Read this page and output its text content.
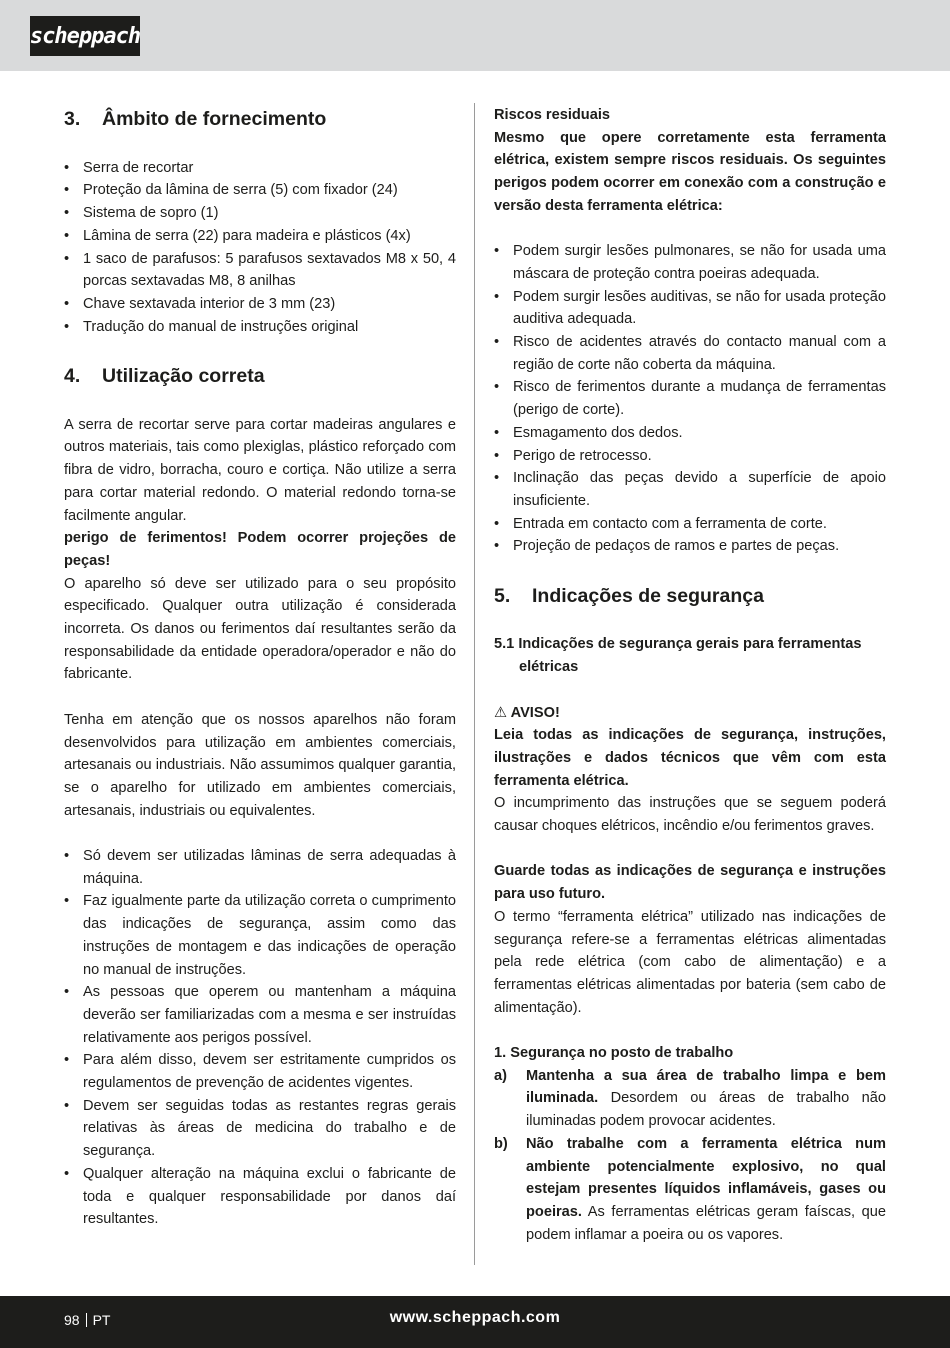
scheppach
3. Âmbito de fornecimento
• Serra de recortar
• Proteção da lâmina de serra (5) com fixador (24)
• Sistema de sopro (1)
• Lâmina de serra (22) para madeira e plásticos (4x)
• 1 saco de parafusos: 5 parafusos sextavados M8 x 50, 4 porcas sextavadas M8, 8 anilhas
• Chave sextavada interior de 3 mm (23)
• Tradução do manual de instruções original
4. Utilização correta

A serra de recortar serve para cortar madeiras angulares e outros materiais, tais como plexiglas, plástico reforçado com fibra de vidro, borracha, couro e cortiça. Não utilize a serra para cortar material redondo. O material redondo torna-se facilmente angular.

perigo de ferimentos! Podem ocorrer projeções de peças!

O aparelho só deve ser utilizado para o seu propósito especificado. Qualquer outra utilização é considerada incorreta. Os danos ou ferimentos daí resultantes serão da responsabilidade da entidade operadora/operador e não do fabricante.

Tenha em atenção que os nossos aparelhos não foram desenvolvidos para utilização em ambientes comerciais, artesanais ou industriais. Não assumimos qualquer garantia, se o aparelho for utilizado em ambientes comerciais, artesanais, industriais ou equivalentes.

• Só devem ser utilizadas lâminas de serra adequadas à máquina.
• Faz igualmente parte da utilização correta o cumprimento das indicações de segurança, assim como das instruções de montagem e das indicações de operação no manual de instruções.
• As pessoas que operem ou mantenham a máquina deverão ser familiarizadas com a mesma e ser instruídas relativamente aos perigos possível.
• Para além disso, devem ser estritamente cumpridos os regulamentos de prevenção de acidentes vigentes.
• Devem ser seguidas todas as restantes regras gerais relativas às áreas de medicina do trabalho e de segurança.
• Qualquer alteração na máquina exclui o fabricante de toda e qualquer responsabilidade por danos daí resultantes.

Riscos residuais

Mesmo que opere corretamente esta ferramenta elétrica, existem sempre riscos residuais. Os seguintes perigos podem ocorrer em conexão com a construção e versão desta ferramenta elétrica:

• Podem surgir lesões pulmonares, se não for usada uma máscara de proteção contra poeiras adequada.
• Podem surgir lesões auditivas, se não for usada proteção auditiva adequada.
• Risco de acidentes através do contacto manual com a região de corte não coberta da máquina.
• Risco de ferimentos durante a mudança de ferramentas (perigo de corte).
• Esmagamento dos dedos.
• Perigo de retrocesso.
• Inclinação das peças devido a superfície de apoio insuficiente.
• Entrada em contacto com a ferramenta de corte.
• Projeção de pedaços de ramos e partes de peças.
5. Indicações de segurança

5.1 Indicações de segurança gerais para ferramentas elétricas

⚠ AVISO!

Leia todas as indicações de segurança, instruções, ilustrações e dados técnicos que vêm com esta ferramenta elétrica.

O incumprimento das instruções que se seguem poderá causar choques elétricos, incêndio e/ou ferimentos graves.

Guarde todas as indicações de segurança e instruções para uso futuro.

O termo “ferramenta elétrica” utilizado nas indicações de segurança refere-se a ferramentas elétricas alimentadas pela rede elétrica (com cabo de alimentação) e a ferramentas elétricas alimentadas por bateria (sem cabo de alimentação).

1. Segurança no posto de trabalho

a) Mantenha a sua área de trabalho limpa e bem iluminada. Desordem ou áreas de trabalho não iluminadas podem provocar acidentes.
b) Não trabalhe com a ferramenta elétrica num ambiente potencialmente explosivo, no qual estejam presentes líquidos inflamáveis, gases ou poeiras. As ferramentas elétricas geram faíscas, que podem inflamar a poeira ou os vapores.
98 PT	www.scheppach.com
